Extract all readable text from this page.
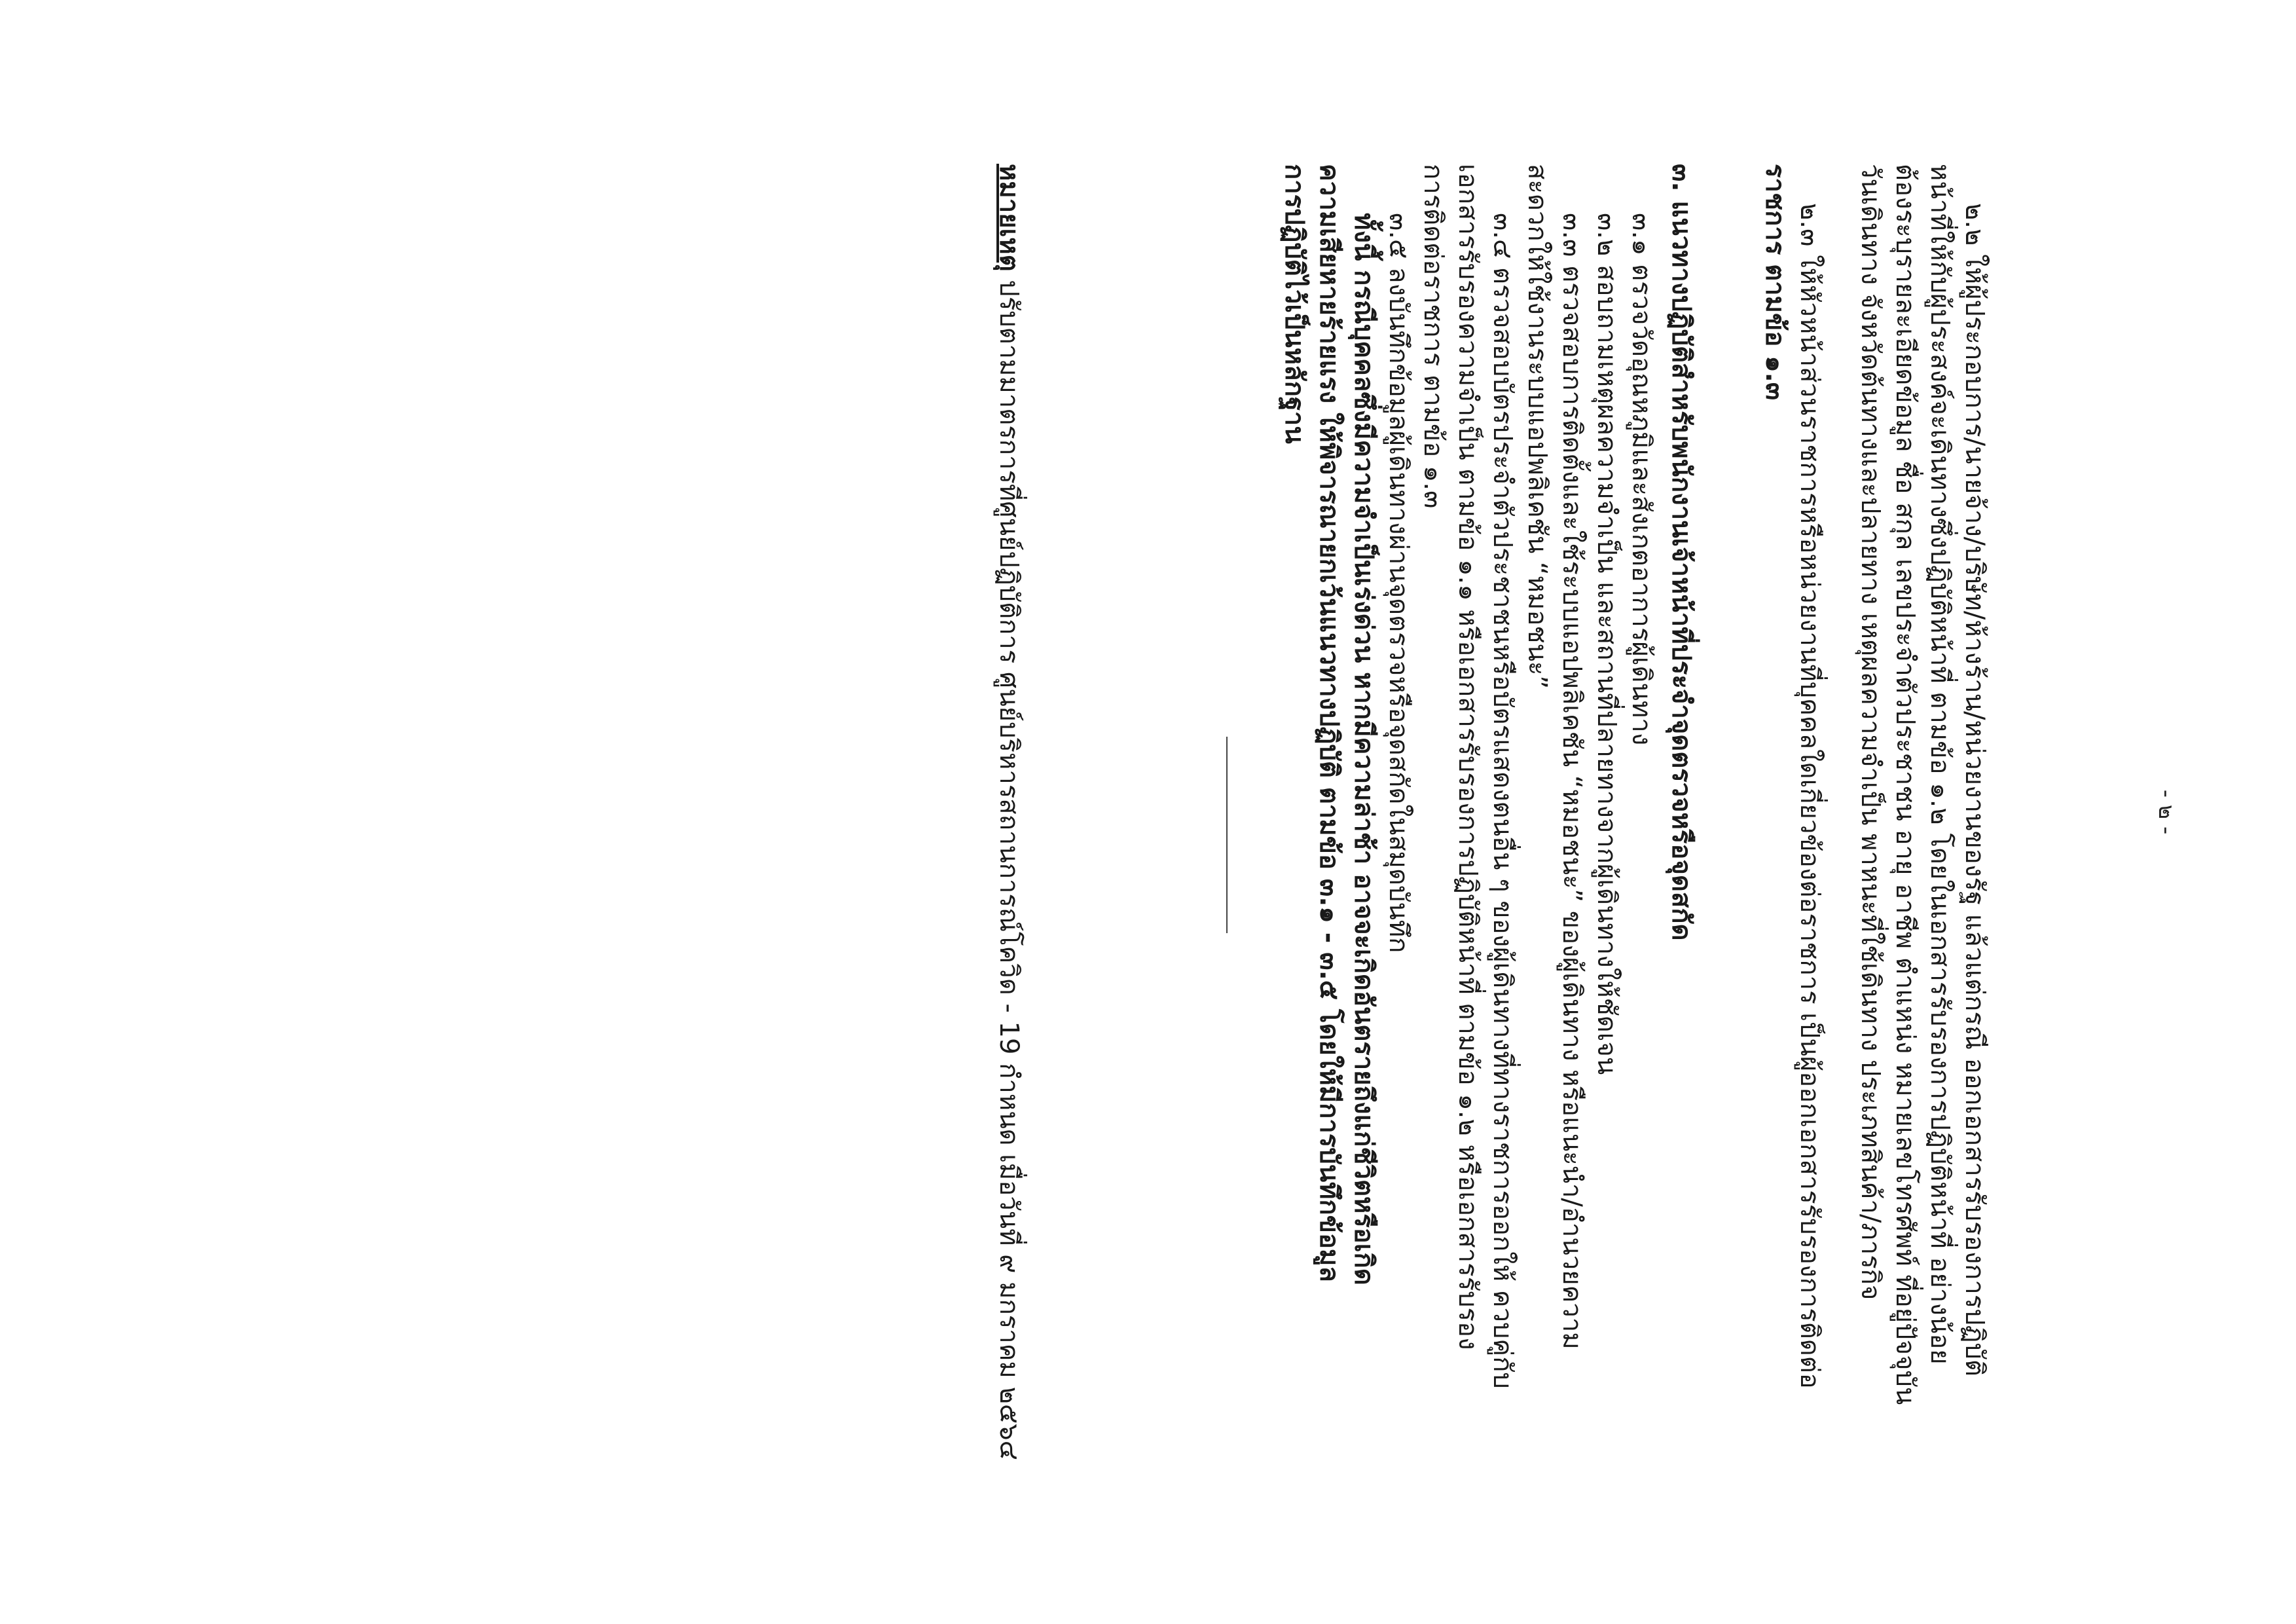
- ๒ -

๒.๒ ให้ผู้ประกอบการ/นายจ้าง/บริษัท/ห้างร้าน/หน่วยงานของรัฐ แล้วแต่กรณี ออกเอกสารรับรองการปฏิบัติ

หน้าที่ให้กับผู้ประสงค์จะเดินทางซึ่งปฏิบัติหน้าที่ ตามข้อ ๑.๒ โดยในเอกสารรับรองการปฏิบัติหน้าที่ อย่างน้อย

ต้องระบุรายละเอียดข้อมูล ชื่อ สกุล เลขประจำตัวประชาชน อายุ อาชีพ ตำแหน่ง หมายเลขโทรศัพท์ ที่อยู่ปัจจุบัน

วันเดินทาง จังหวัดต้นทางและปลายทาง เหตุผลความจำเป็น พาหนะที่ใช้เดินทาง ประเภทสินค้า/ภารกิจ

๒.๓ ให้หัวหน้าส่วนราชการหรือหน่วยงานที่บุคคลใดเกี่ยวข้องต่อราชการ เป็นผู้ออกเอกสารรับรองการติดต่อ

ราชการ ตามข้อ ๑.๓

๓. แนวทางปฏิบัติสำหรับพนักงานเจ้าหน้าที่ประจำจุดตรวจหรือจุดสกัด

๓.๑ ตรวจวัดอุณหภูมิและสังเกตอาการผู้เดินทาง

๓.๒ สอบถามเหตุผลความจำเป็น และสถานที่ปลายทางจากผู้เดินทางให้ชัดเจน

๓.๓ ตรวจสอบการติดตั้งและใช้ระบบแอปพลิเคชัน “หมอชนะ” ของผู้เดินทาง หรือแนะนำ/อำนวยความ

สะดวกให้ใช้งานระบบแอปพลิเคชัน “หมอชนะ”

๓.๔ ตรวจสอบบัตรประจำตัวประชาชนหรือบัตรแสดงตนอื่น ๆ ของผู้เดินทางที่ทางราชการออกให้ ควบคู่กับ

เอกสารรับรองความจำเป็น ตามข้อ ๑.๑ หรือเอกสารรับรองการปฏิบัติหน้าที่ ตามข้อ ๑.๒ หรือเอกสารรับรอง

การติดต่อราชการ ตามข้อ ๑.๓

๓.๕ ลงบันทึกข้อมูลผู้เดินทางผ่านจุดตรวจหรือจุดสกัดในสมุดบันทึก

ทั้งนี้ กรณีบุคคลซึ่งมีความจำเป็นเร่งด่วน หากมีความล่าช้า อาจจะเกิดอันตรายถึงแก่ชีวิตหรือเกิด

ความเสียหายร้ายแรง ให้พิจารณายกเว้นแนวทางปฏิบัติ ตามข้อ ๓.๑ - ๓.๕ โดยให้มีการบันทึกข้อมูล

การปฏิบัติไว้เป็นหลักฐาน

หมายเหตุ ปรับตามมาตรการที่ศูนย์ปฏิบัติการ ศูนย์บริหารสถานการณ์โควิด - 19 กำหนด เมื่อวันที่ ๙ มกราคม ๒๕๖๔
